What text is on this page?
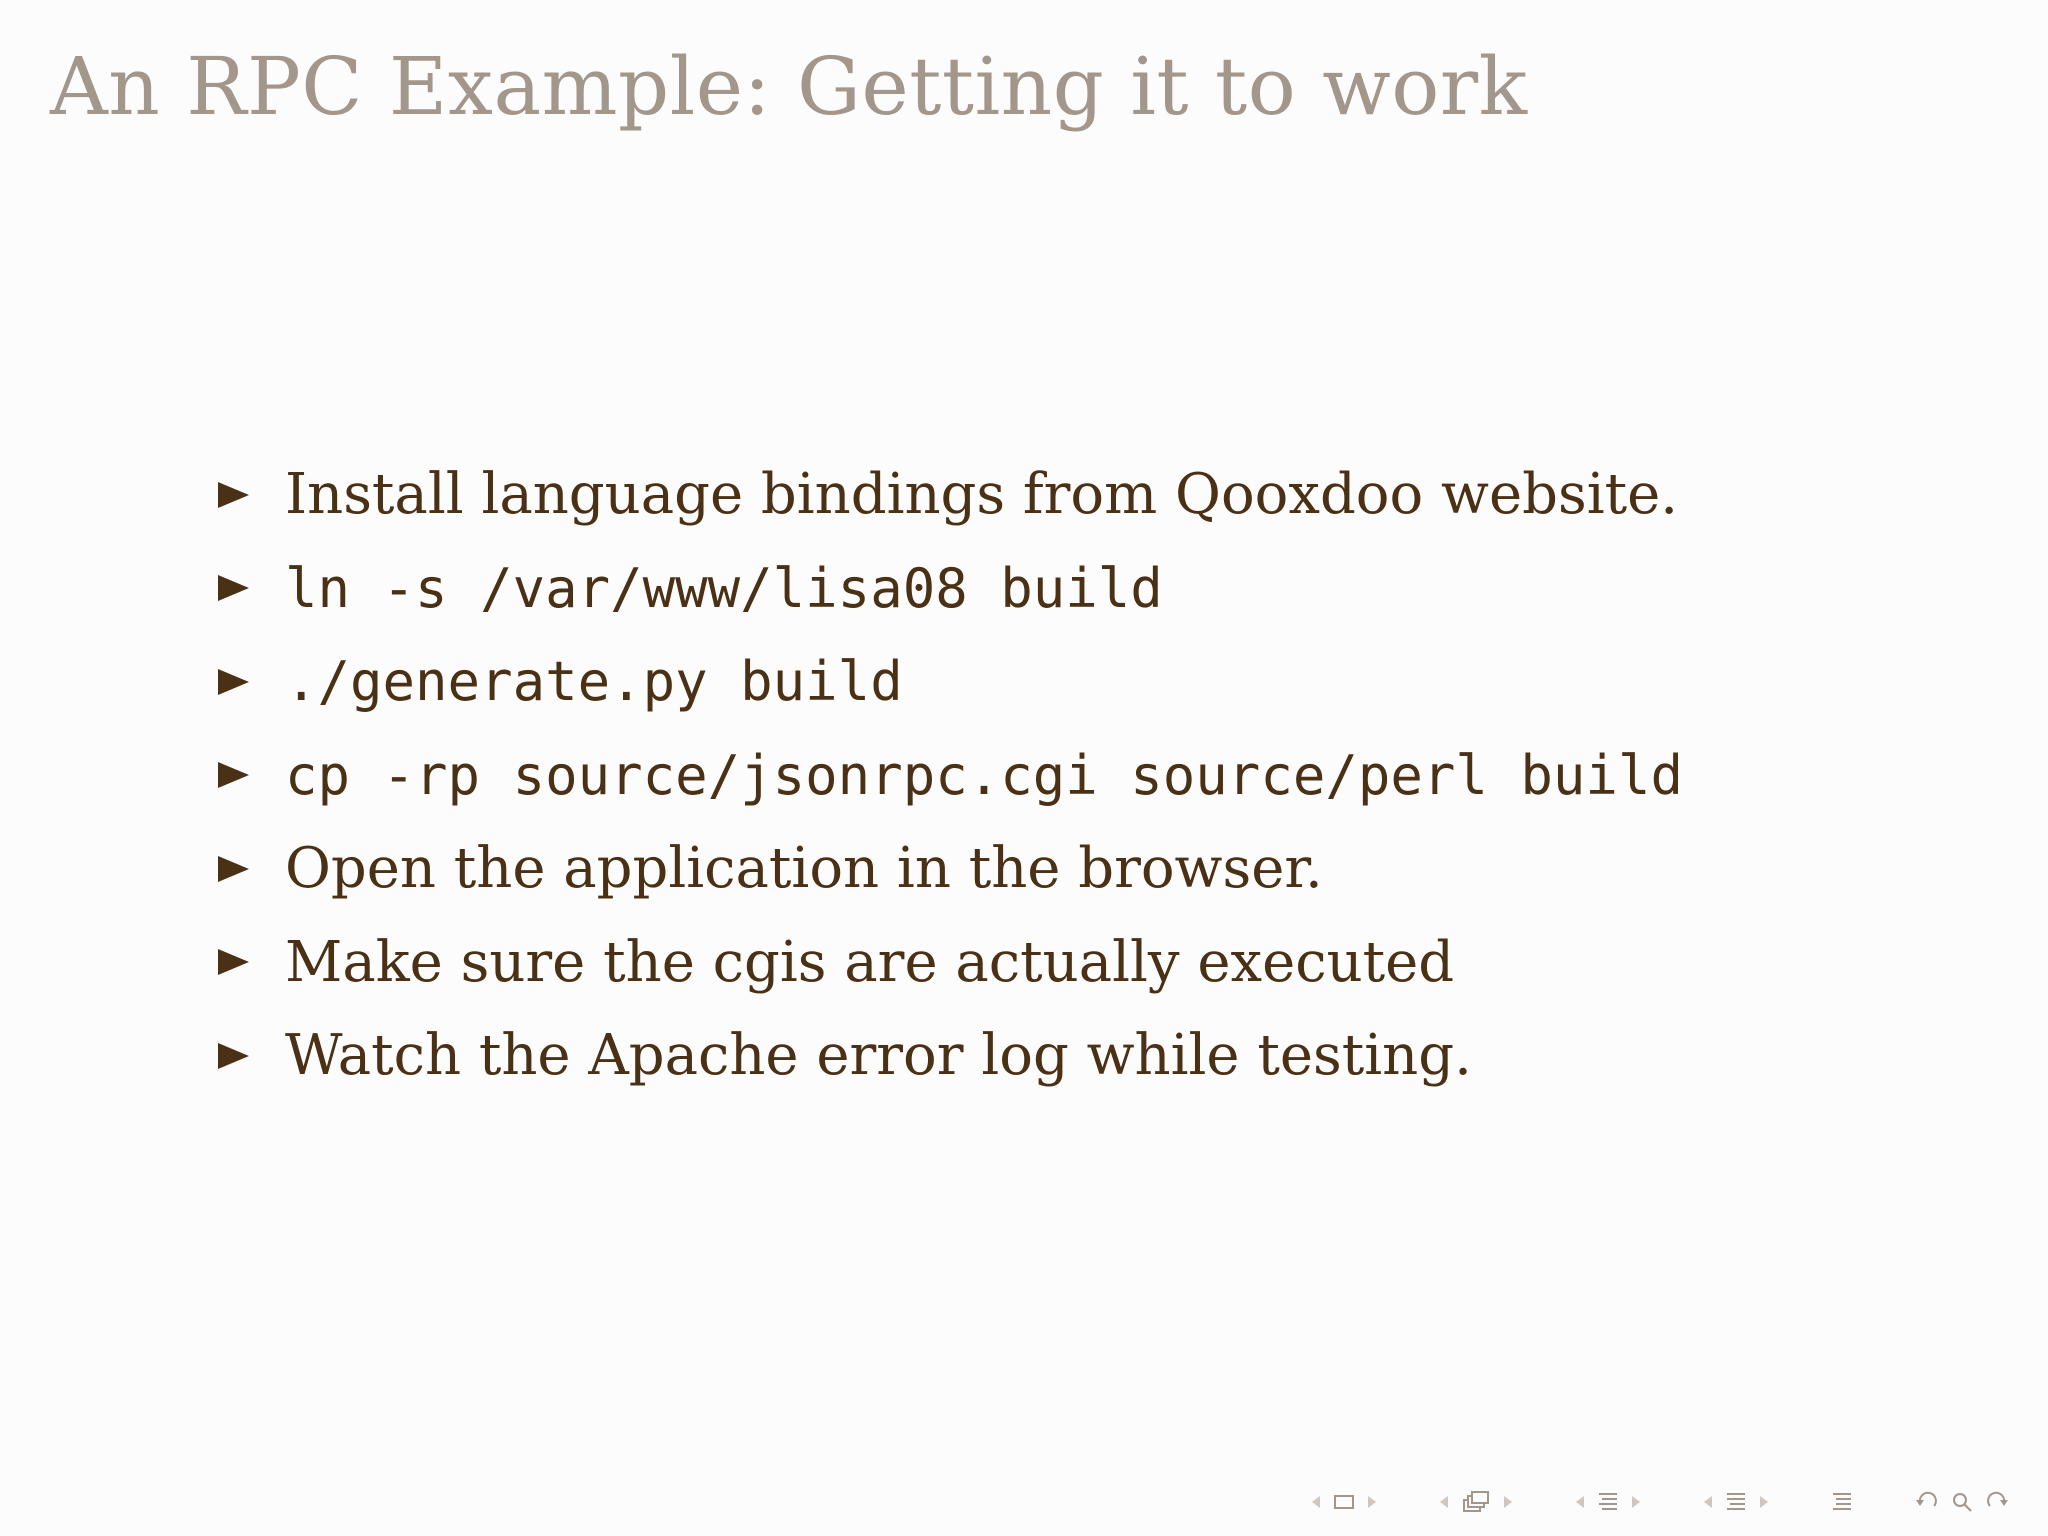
An RPC Example: Getting it to work
Install language bindings from Qooxdoo website.
ln -s /var/www/lisa08 build
./generate.py build
cp -rp source/jsonrpc.cgi source/perl build
Open the application in the browser.
Make sure the cgis are actually executed
Watch the Apache error log while testing.
